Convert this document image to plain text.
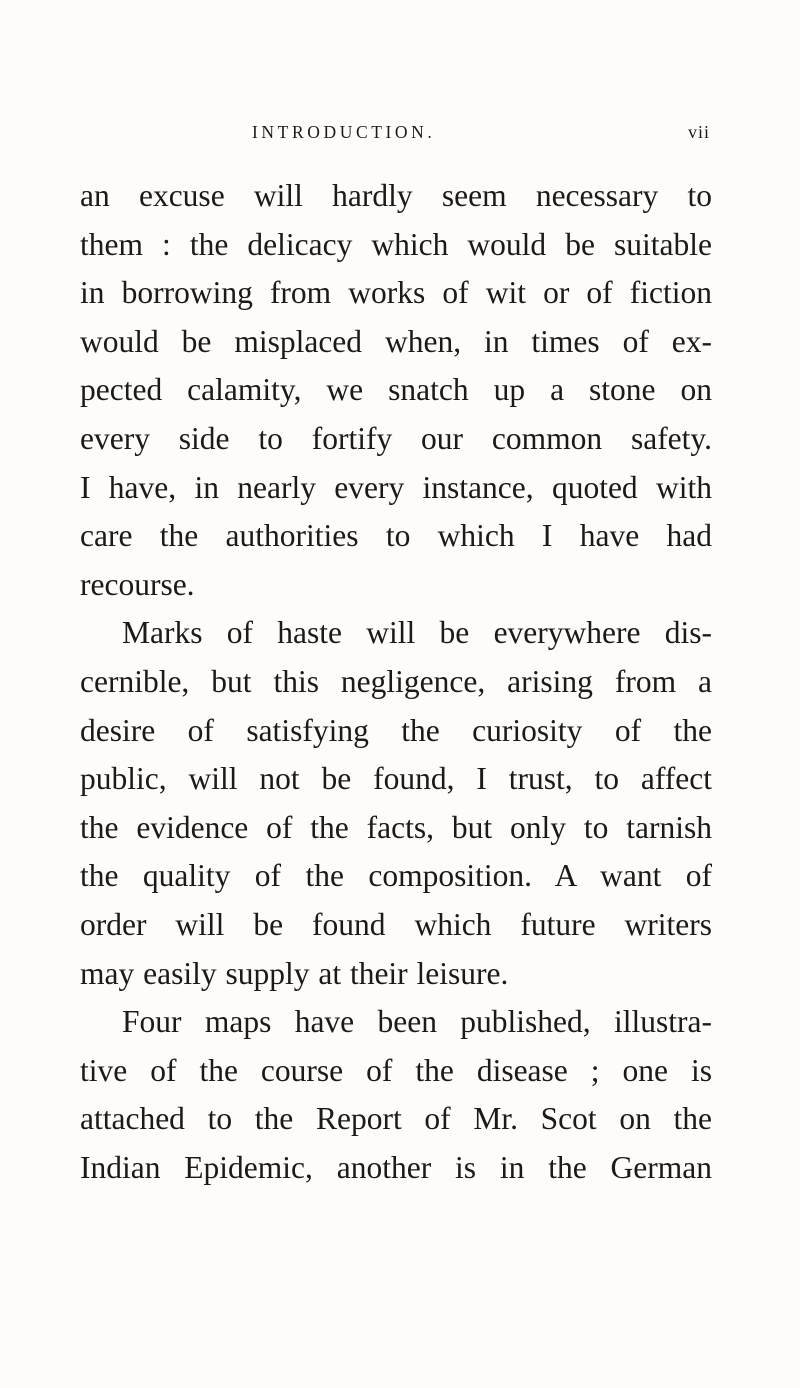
INTRODUCTION.	vii
an excuse will hardly seem necessary to
them : the delicacy which would be suitable
in borrowing from works of wit or of fiction
would be misplaced when, in times of ex-
pected calamity, we snatch up a stone on
every side to fortify our common safety.
I have, in nearly every instance, quoted with
care the authorities to which I have had
recourse.
Marks of haste will be everywhere dis-
cernible, but this negligence, arising from a
desire of satisfying the curiosity of the
public, will not be found, I trust, to affect
the evidence of the facts, but only to tarnish
the quality of the composition. A want of
order will be found which future writers
may easily supply at their leisure.
Four maps have been published, illustra-
tive of the course of the disease ; one is
attached to the Report of Mr. Scot on the
Indian Epidemic, another is in the German
